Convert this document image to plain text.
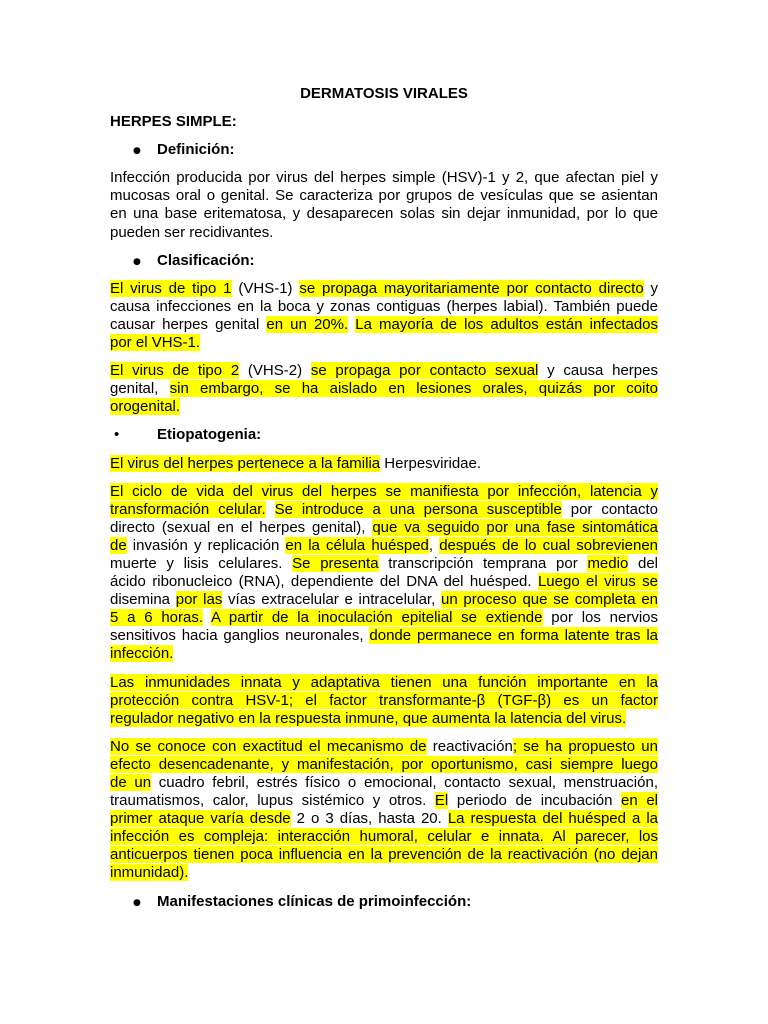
DERMATOSIS VIRALES
HERPES SIMPLE:
● Definición:
Infección producida por virus del herpes simple (HSV)-1 y 2, que afectan piel y
mucosas oral o genital. Se caracteriza por grupos de vesículas que se asientan
en una base eritematosa, y desaparecen solas sin dejar inmunidad, por lo que
pueden ser recidivantes.
● Clasificación:
El virus de tipo 1 (VHS-1) se propaga mayoritariamente por contacto directo y
causa infecciones en la boca y zonas contiguas (herpes labial). También puede
causar herpes genital en un 20%. La mayoría de los adultos están infectados
por el VHS-1.
El virus de tipo 2 (VHS-2) se propaga por contacto sexual y causa herpes
genital, sin embargo, se ha aislado en lesiones orales, quizás por coito
orogenital.
•	Etiopatogenia:
El virus del herpes pertenece a la familia Herpesviridae.
El ciclo de vida del virus del herpes se manifiesta por infección, latencia y
transformación celular. Se introduce a una persona susceptible por contacto
directo (sexual en el herpes genital), que va seguido por una fase sintomática
de invasión y replicación en la célula huésped, después de lo cual sobrevienen
muerte y lisis celulares. Se presenta transcripción temprana por medio del
ácido ribonucleico (RNA), dependiente del DNA del huésped. Luego el virus se
disemina por las vías extracelular e intracelular, un proceso que se completa en
5 a 6 horas. A partir de la inoculación epitelial se extiende por los nervios
sensitivos hacia ganglios neuronales, donde permanece en forma latente tras la
infección.
Las inmunidades innata y adaptativa tienen una función importante en la
protección contra HSV-1; el factor transformante-β (TGF-β) es un factor
regulador negativo en la respuesta inmune, que aumenta la latencia del virus.
No se conoce con exactitud el mecanismo de reactivación; se ha propuesto un
efecto desencadenante, y manifestación, por oportunismo, casi siempre luego
de un cuadro febril, estrés físico o emocional, contacto sexual, menstruación,
traumatismos, calor, lupus sistémico y otros. El periodo de incubación en el
primer ataque varía desde 2 o 3 días, hasta 20. La respuesta del huésped a la
infección es compleja: interacción humoral, celular e innata. Al parecer, los
anticuerpos tienen poca influencia en la prevención de la reactivación (no dejan
inmunidad).
● Manifestaciones clínicas de primoinfección:
